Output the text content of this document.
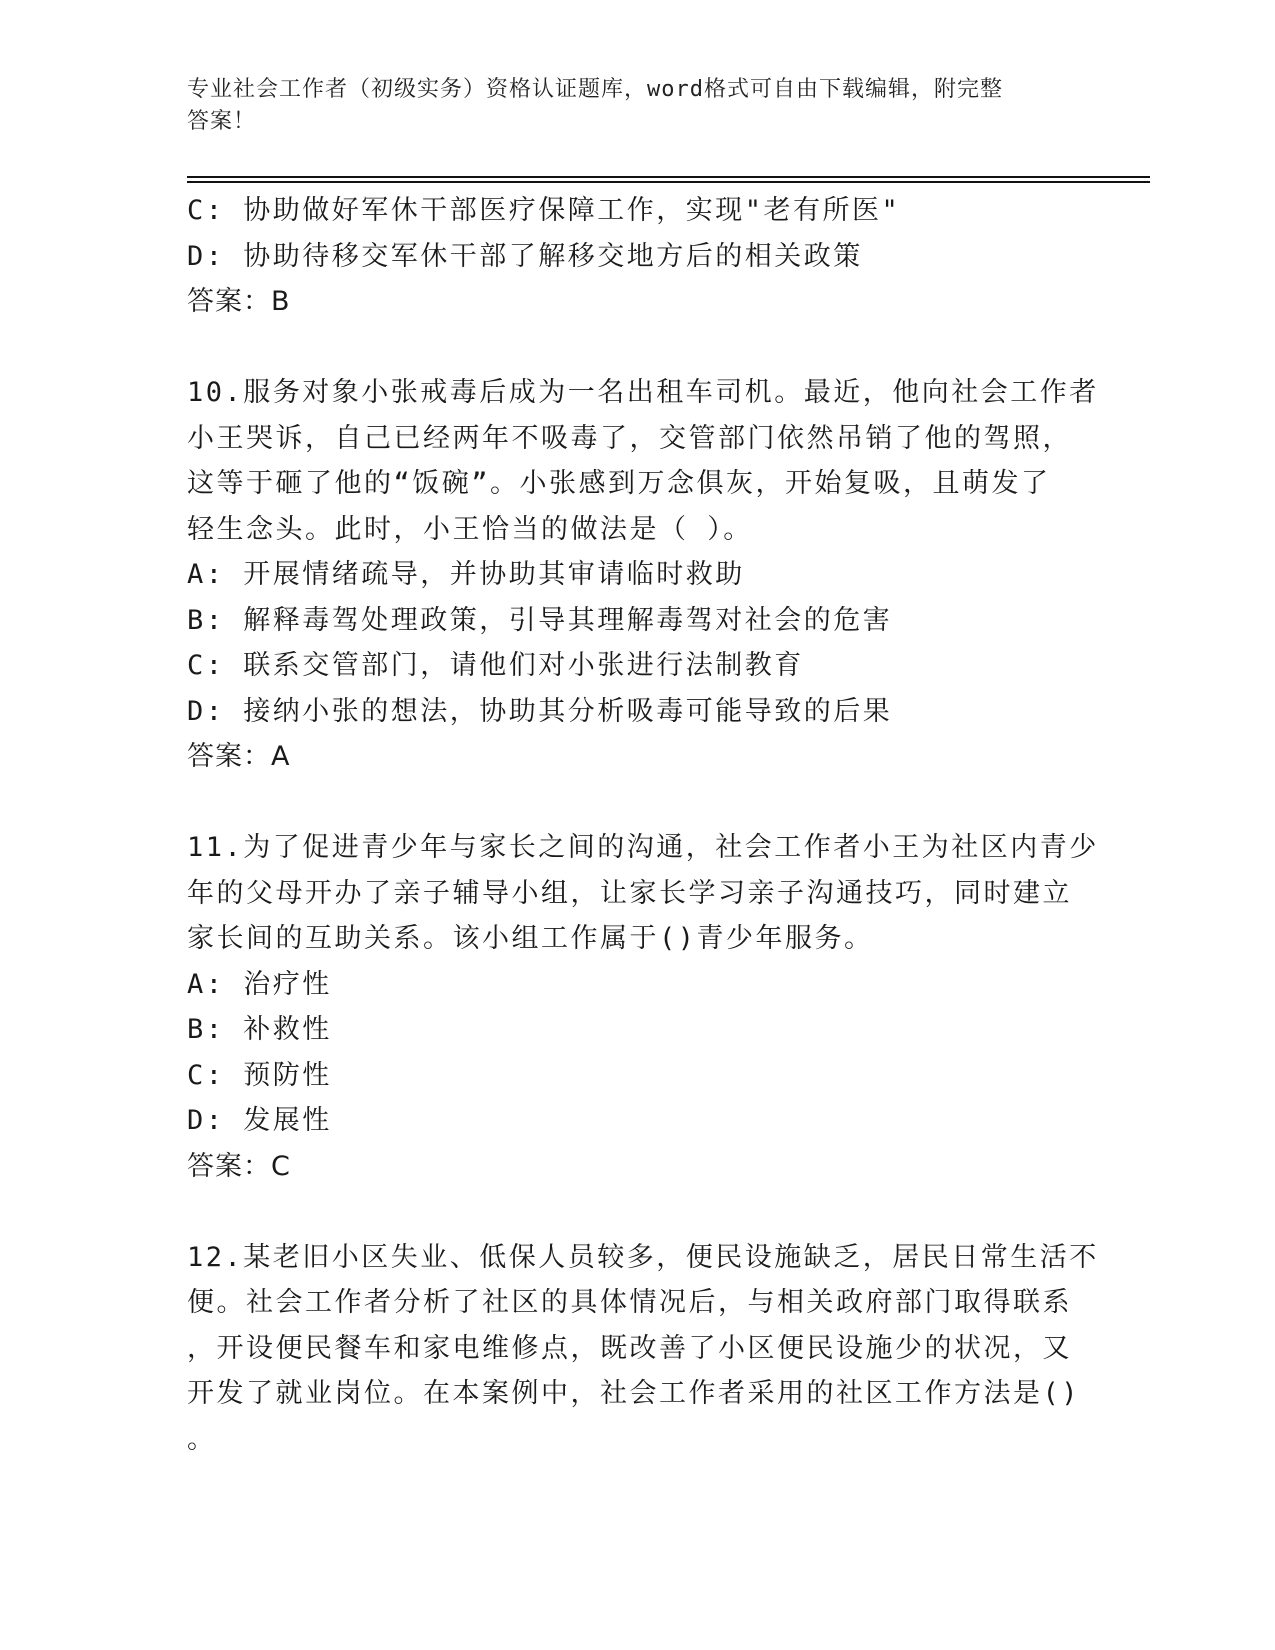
专业社会工作者（初级实务）资格认证题库，word格式可自由下载编辑，附完整
答案！
C: 协助做好军休干部医疗保障工作，实现"老有所医"
D: 协助待移交军休干部了解移交地方后的相关政策
答案：B
10.服务对象小张戒毒后成为一名出租车司机。最近，他向社会工作者
小王哭诉，自己已经两年不吸毒了，交管部门依然吊销了他的驾照，
这等于砸了他的“饭碗”。小张感到万念俱灰，开始复吸，且萌发了
轻生念头。此时，小王恰当的做法是（ ）。
A: 开展情绪疏导，并协助其审请临时救助
B: 解释毒驾处理政策，引导其理解毒驾对社会的危害
C: 联系交管部门，请他们对小张进行法制教育
D: 接纳小张的想法，协助其分析吸毒可能导致的后果
答案：A
11.为了促进青少年与家长之间的沟通，社会工作者小王为社区内青少
年的父母开办了亲子辅导小组，让家长学习亲子沟通技巧，同时建立
家长间的互助关系。该小组工作属于()青少年服务。
A: 治疗性
B: 补救性
C: 预防性
D: 发展性
答案：C
12.某老旧小区失业、低保人员较多，便民设施缺乏，居民日常生活不
便。社会工作者分析了社区的具体情况后，与相关政府部门取得联系
，开设便民餐车和家电维修点，既改善了小区便民设施少的状况，又
开发了就业岗位。在本案例中，社会工作者采用的社区工作方法是()
。
